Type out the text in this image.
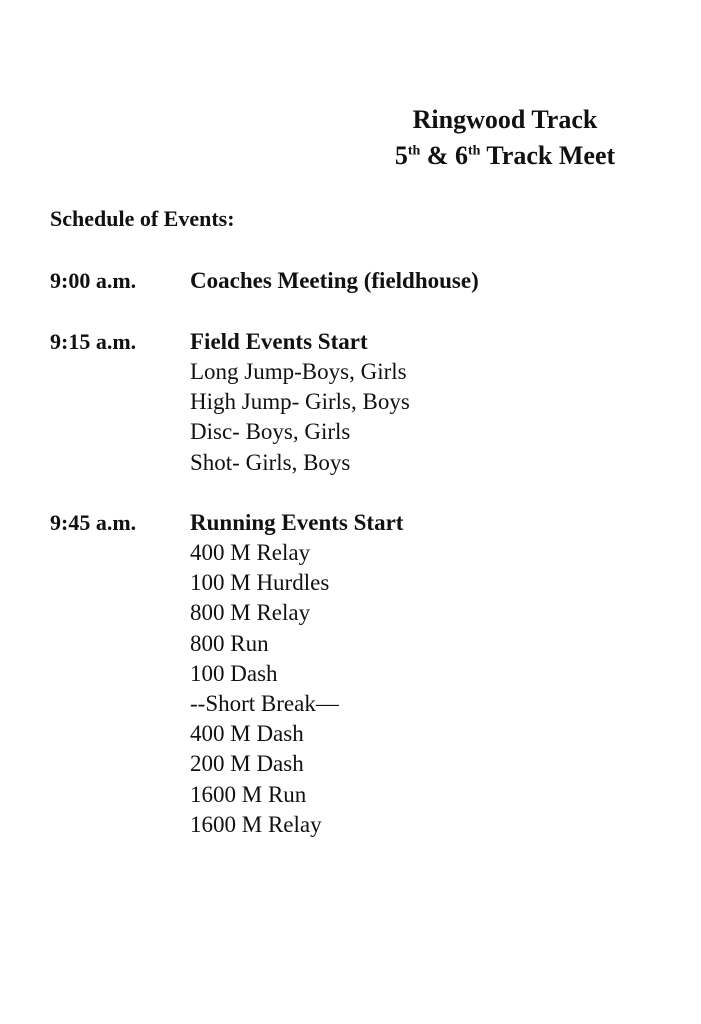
Ringwood Track
5th & 6th Track Meet
Schedule of Events:
9:00 a.m. Coaches Meeting (fieldhouse)
9:15 a.m. Field Events Start
Long Jump-Boys, Girls
High Jump- Girls, Boys
Disc- Boys, Girls
Shot- Girls, Boys
9:45 a.m. Running Events Start
400 M Relay
100 M Hurdles
800 M Relay
800 Run
100 Dash
--Short Break—
400 M Dash
200 M Dash
1600 M Run
1600 M Relay
